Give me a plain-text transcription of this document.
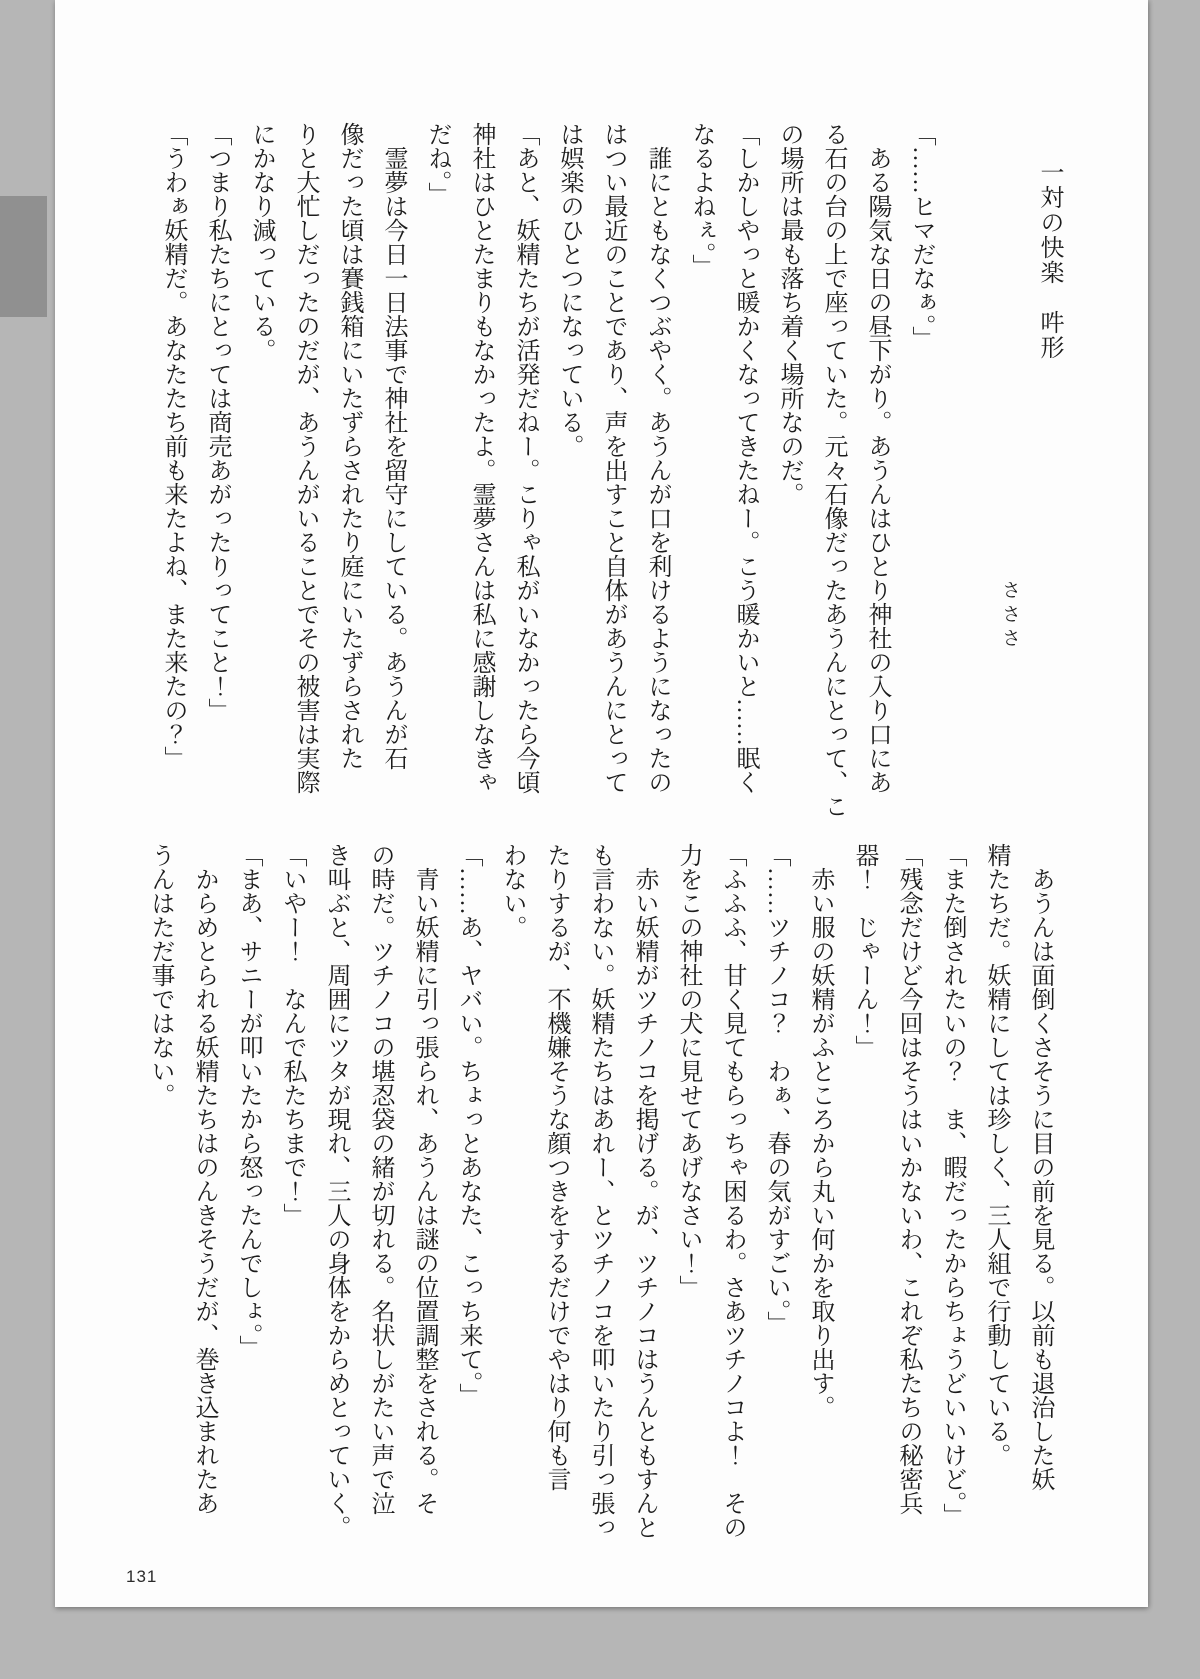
一対の快楽　吽形
さささ

「……ヒマだなぁ。」

　ある陽気な日の昼下がり。あうんはひとり神社の入り口にあ

る石の台の上で座っていた。元々石像だったあうんにとって、こ

の場所は最も落ち着く場所なのだ。

「しかしやっと暖かくなってきたねー。こう暖かいと……眠く

なるよねぇ。」

　誰にともなくつぶやく。あうんが口を利けるようになったの

はつい最近のことであり、声を出すこと自体があうんにとって

は娯楽のひとつになっている。

「あと、妖精たちが活発だねー。こりゃ私がいなかったら今頃

神社はひとたまりもなかったよ。霊夢さんは私に感謝しなきゃ

だね。」

　霊夢は今日一日法事で神社を留守にしている。あうんが石

像だった頃は賽銭箱にいたずらされたり庭にいたずらされた

りと大忙しだったのだが、あうんがいることでその被害は実際

にかなり減っている。

「つまり私たちにとっては商売あがったりってこと！」

「うわぁ妖精だ。あなたたち前も来たよね、また来たの？」

　あうんは面倒くさそうに目の前を見る。以前も退治した妖

精たちだ。妖精にしては珍しく、三人組で行動している。

「また倒されたいの？　ま、暇だったからちょうどいいけど。」

「残念だけど今回はそうはいかないわ、これぞ私たちの秘密兵

器！　じゃーん！」

　赤い服の妖精がふところから丸い何かを取り出す。

「……ツチノコ？　わぁ、春の気がすごい。」

「ふふふ、甘く見てもらっちゃ困るわ。さあツチノコよ！　その

力をこの神社の犬に見せてあげなさい！」

　赤い妖精がツチノコを掲げる。が、ツチノコはうんともすんと

も言わない。妖精たちはあれー、とツチノコを叩いたり引っ張っ

たりするが、不機嫌そうな顔つきをするだけでやはり何も言

わない。

「……あ、ヤバい。ちょっとあなた、こっち来て。」

　青い妖精に引っ張られ、あうんは謎の位置調整をされる。そ

の時だ。ツチノコの堪忍袋の緒が切れる。名状しがたい声で泣

き叫ぶと、周囲にツタが現れ、三人の身体をからめとっていく。

「いやー！　なんで私たちまで！」

「まあ、サニーが叩いたから怒ったんでしょ。」

　からめとられる妖精たちはのんきそうだが、巻き込まれたあ

うんはただ事ではない。

131
